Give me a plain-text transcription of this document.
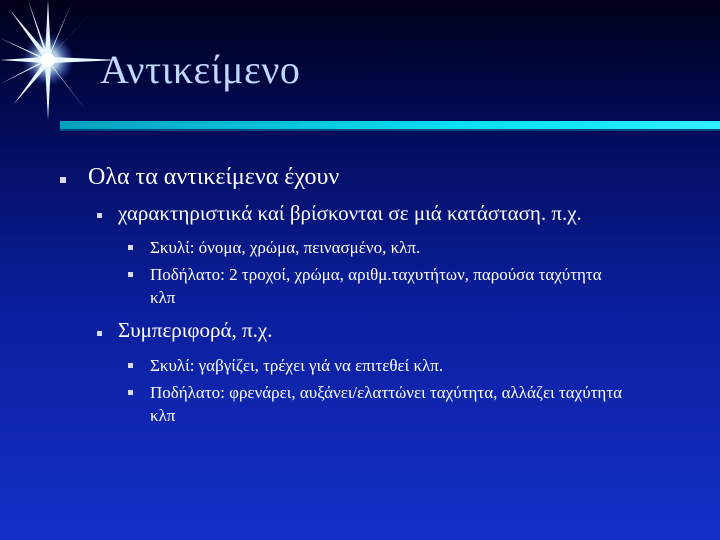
Αντικείμενο

Ολα τα αντικείμενα έχουν

χαρακτηριστικά καί βρίσκονται σε μιά κατάσταση. π.χ.

Σκυλί: όνομα, χρώμα, πεινασμένο, κλπ.

Ποδήλατο: 2 τροχοί, χρώμα, αριθμ.ταχυτήτων, παρούσα ταχύτητα κλπ

Συμπεριφορά, π.χ.

Σκυλί: γαβγίζει, τρέχει γιά να επιτεθεί κλπ.

Ποδήλατο: φρενάρει, αυξάνει/ελαττώνει ταχύτητα, αλλάζει ταχύτητα κλπ
